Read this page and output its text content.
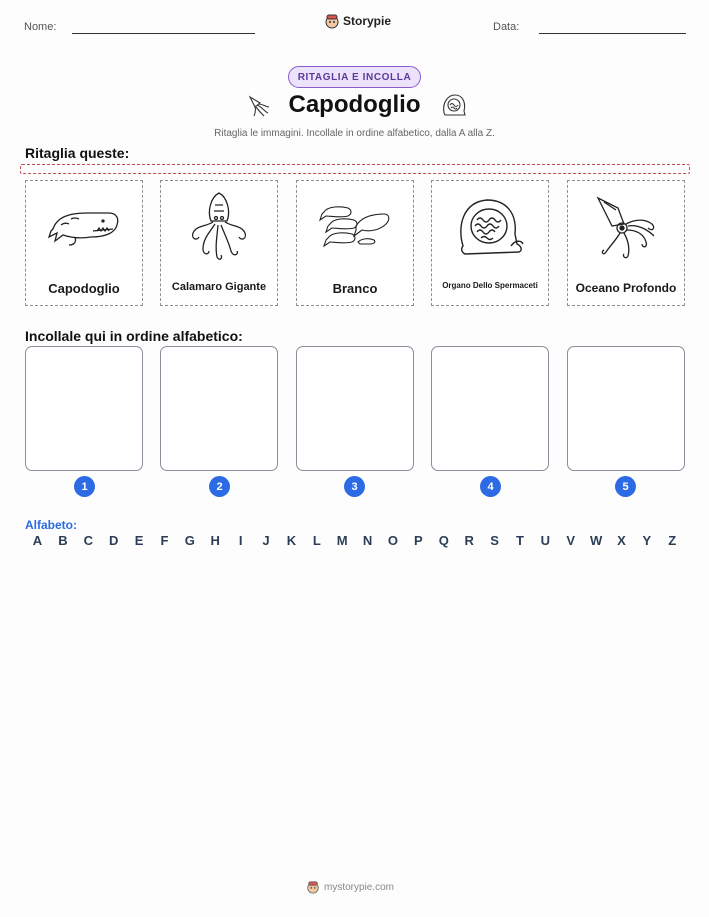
Nome:	Storypie	Data:
RITAGLIA E INCOLLA
Capodoglio
Ritaglia le immagini. Incollale in ordine alfabetico, dalla A alla Z.
Ritaglia queste:
Capodoglio	Calamaro Gigante	Branco	Organo Dello Spermaceti	Oceano Profondo
Incollale qui in ordine alfabetico:
1	2	3	4	5
Alfabeto:
A	B	C	D	E	F	G	H	I	J	K	L	M	N	O	P	Q	R	S	T	U	V	W	X	Y	Z
mystorypie.com
